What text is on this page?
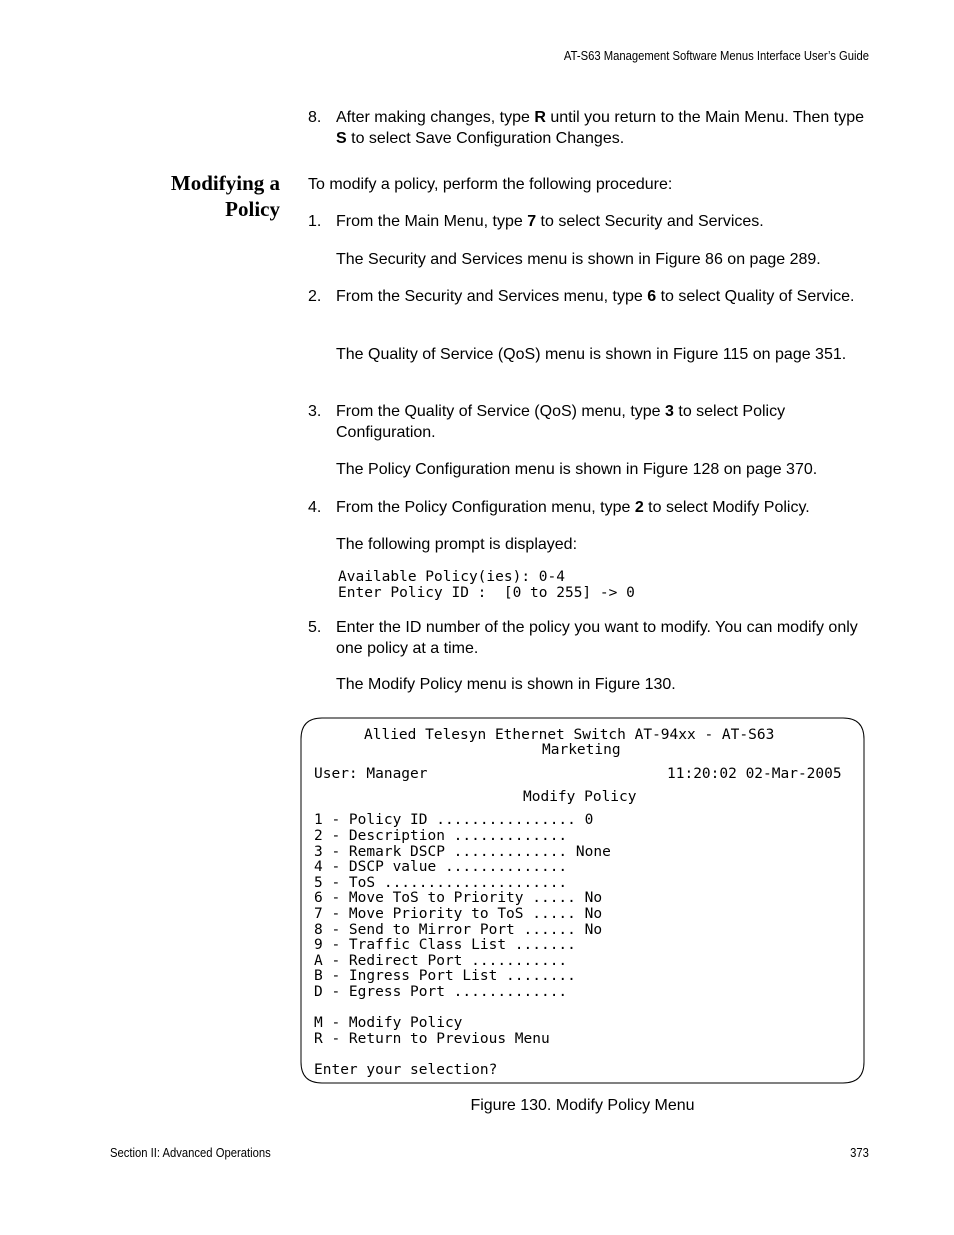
AT-S63 Management Software Menus Interface User’s Guide
8. After making changes, type R until you return to the Main Menu. Then type S to select Save Configuration Changes.
Modifying a
Policy
To modify a policy, perform the following procedure:
1. From the Main Menu, type 7 to select Security and Services.
The Security and Services menu is shown in Figure 86 on page 289.
2. From the Security and Services menu, type 6 to select Quality of Service.
The Quality of Service (QoS) menu is shown in Figure 115 on page 351.
3. From the Quality of Service (QoS) menu, type 3 to select Policy Configuration.
The Policy Configuration menu is shown in Figure 128 on page 370.
4. From the Policy Configuration menu, type 2 to select Modify Policy.
The following prompt is displayed:
Available Policy(ies): 0-4
Enter Policy ID :  [0 to 255] -> 0
5. Enter the ID number of the policy you want to modify. You can modify only one policy at a time.
The Modify Policy menu is shown in Figure 130.
Allied Telesyn Ethernet Switch AT-94xx - AT-S63
Marketing
User: Manager	11:20:02 02-Mar-2005
Modify Policy
1 - Policy ID ................ 0
2 - Description .............
3 - Remark DSCP ............. None
4 - DSCP value ..............
5 - ToS .....................
6 - Move ToS to Priority ..... No
7 - Move Priority to ToS ..... No
8 - Send to Mirror Port ...... No
9 - Traffic Class List .......
A - Redirect Port ...........
B - Ingress Port List ........
D - Egress Port .............
M - Modify Policy
R - Return to Previous Menu
Enter your selection?
Figure 130. Modify Policy Menu
Section II: Advanced Operations	373
